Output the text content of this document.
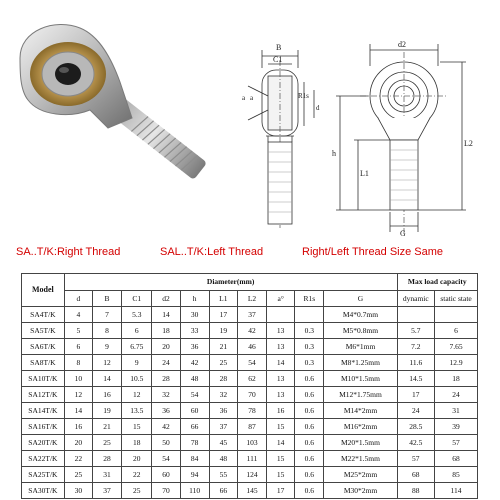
B
C1
R1s
d
a a
d2
h
L1
L2
G
SA..T/K:Right Thread	SAL..T/K:Left Thread	Right/Left Thread Size Same
Model	Diameter(mm)										Max load capacity	
	d	B	C1	d2	h	L1	L2	a°	R1s	G	dynamic	static state
SA4T/K	4	7	5.3	14	30	17	37			M4*0.7mm		
SA5T/K	5	8	6	18	33	19	42	13	0.3	M5*0.8mm	5.7	6
SA6T/K	6	9	6.75	20	36	21	46	13	0.3	M6*1mm	7.2	7.65
SA8T/K	8	12	9	24	42	25	54	14	0.3	M8*1.25mm	11.6	12.9
SA10T/K	10	14	10.5	28	48	28	62	13	0.6	M10*1.5mm	14.5	18
SA12T/K	12	16	12	32	54	32	70	13	0.6	M12*1.75mm	17	24
SA14T/K	14	19	13.5	36	60	36	78	16	0.6	M14*2mm	24	31
SA16T/K	16	21	15	42	66	37	87	15	0.6	M16*2mm	28.5	39
SA20T/K	20	25	18	50	78	45	103	14	0.6	M20*1.5mm	42.5	57
SA22T/K	22	28	20	54	84	48	111	15	0.6	M22*1.5mm	57	68
SA25T/K	25	31	22	60	94	55	124	15	0.6	M25*2mm	68	85
SA30T/K	30	37	25	70	110	66	145	17	0.6	M30*2mm	88	114
